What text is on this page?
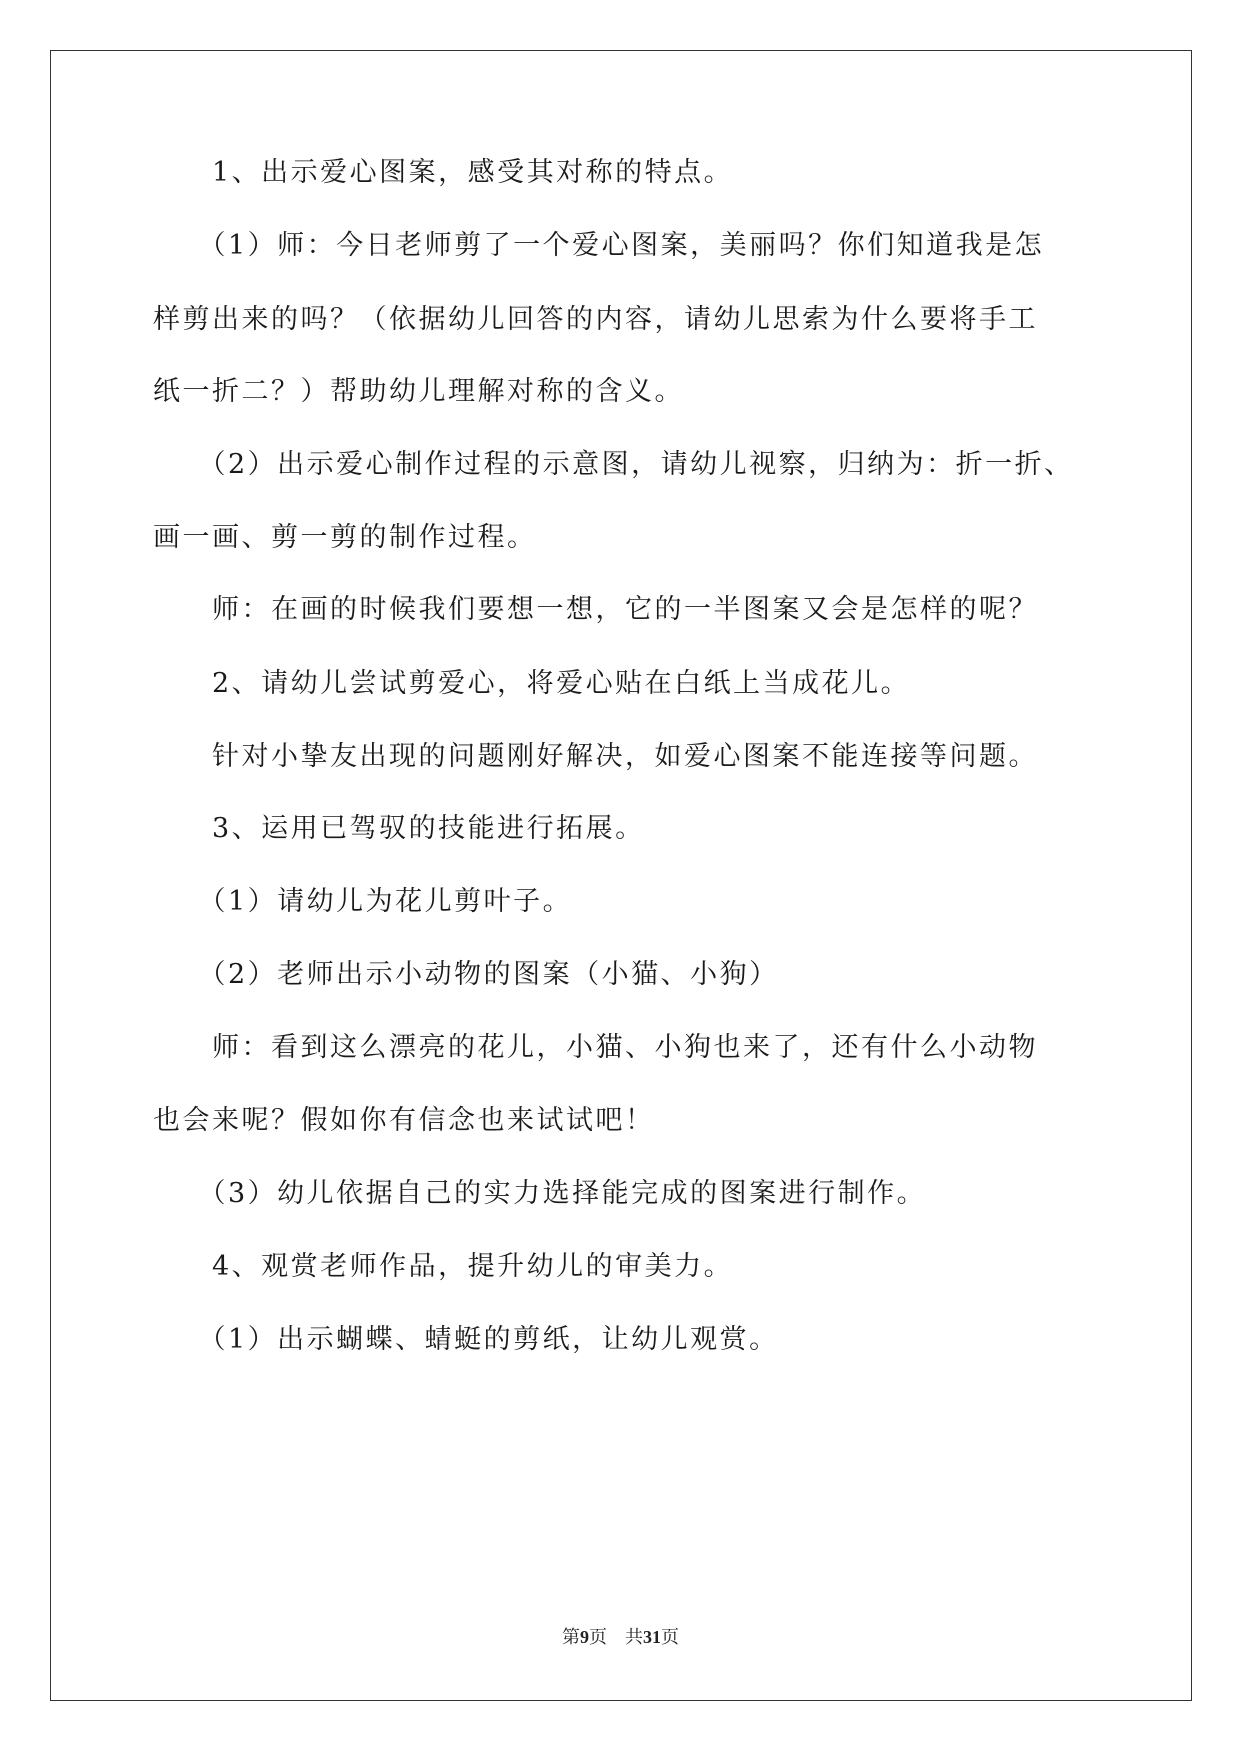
　　1、出示爱心图案，感受其对称的特点。
　　（1）师：今日老师剪了一个爱心图案，美丽吗？你们知道我是怎
样剪出来的吗？（依据幼儿回答的内容，请幼儿思索为什么要将手工
纸一折二？）帮助幼儿理解对称的含义。
　　（2）出示爱心制作过程的示意图，请幼儿视察，归纳为：折一折、
画一画、剪一剪的制作过程。
　　师：在画的时候我们要想一想，它的一半图案又会是怎样的呢？
　　2、请幼儿尝试剪爱心，将爱心贴在白纸上当成花儿。
　　针对小挚友出现的问题刚好解决，如爱心图案不能连接等问题。
　　3、运用已驾驭的技能进行拓展。
　　（1）请幼儿为花儿剪叶子。
　　（2）老师出示小动物的图案（小猫、小狗）
　　师：看到这么漂亮的花儿，小猫、小狗也来了，还有什么小动物
也会来呢？假如你有信念也来试试吧！
　　（3）幼儿依据自己的实力选择能完成的图案进行制作。
　　4、观赏老师作品，提升幼儿的审美力。
　　（1）出示蝴蝶、蜻蜓的剪纸，让幼儿观赏。
第9页　共31页
